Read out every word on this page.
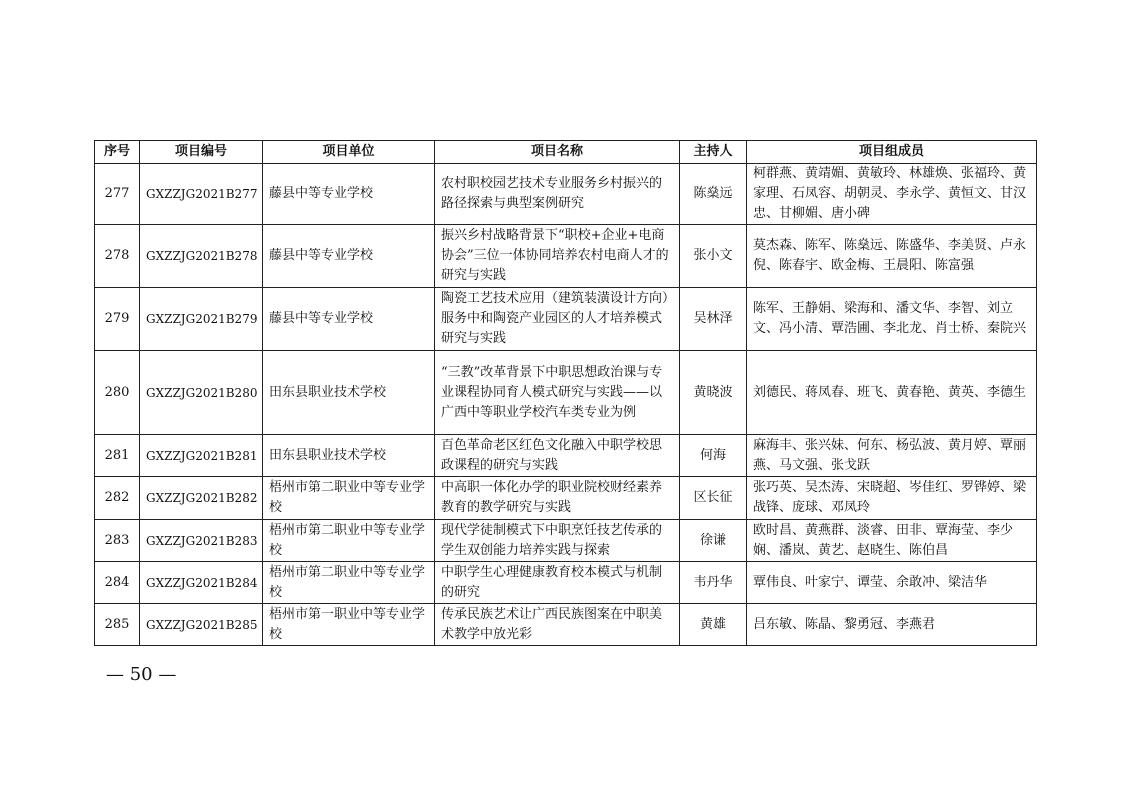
序号	项目编号	项目单位	项目名称	主持人	项目组成员
277	GXZZJG2021B277	藤县中等专业学校	农村职校园艺技术专业服务乡村振兴的路径探索与典型案例研究	陈燊远	柯群燕、黄靖媚、黄敏玲、林雄焕、张福玲、黄家理、石凤容、胡朝灵、李永学、黄恒文、甘汉忠、甘柳媚、唐小碑
278	GXZZJG2021B278	藤县中等专业学校	振兴乡村战略背景下“职校+企业+电商协会”三位一体协同培养农村电商人才的研究与实践	张小文	莫杰森、陈军、陈燊远、陈盛华、李美贤、卢永倪、陈春宇、欧金梅、王晨阳、陈富强
279	GXZZJG2021B279	藤县中等专业学校	陶瓷工艺技术应用（建筑装潢设计方向）服务中和陶瓷产业园区的人才培养模式研究与实践	吴林泽	陈军、王静娟、梁海和、潘文华、李智、刘立文、冯小清、覃浩圃、李北龙、肖士桥、秦院兴
280	GXZZJG2021B280	田东县职业技术学校	“三教”改革背景下中职思想政治课与专业课程协同育人模式研究与实践——以广西中等职业学校汽车类专业为例	黄晓波	刘德民、蒋凤春、班飞、黄春艳、黄英、李德生
281	GXZZJG2021B281	田东县职业技术学校	百色革命老区红色文化融入中职学校思政课程的研究与实践	何海	麻海丰、张兴妹、何东、杨弘波、黄月婷、覃丽燕、马文强、张戈跃
282	GXZZJG2021B282	梧州市第二职业中等专业学校	中高职一体化办学的职业院校财经素养教育的教学研究与实践	区长征	张巧英、吴杰涛、宋晓超、岑佳红、罗铧婷、梁战锋、庞球、邓凤玲
283	GXZZJG2021B283	梧州市第二职业中等专业学校	现代学徒制模式下中职烹饪技艺传承的学生双创能力培养实践与探索	徐谦	欧时昌、黄燕群、淡睿、田非、覃海莹、李少娴、潘岚、黄艺、赵晓生、陈伯昌
284	GXZZJG2021B284	梧州市第二职业中等专业学校	中职学生心理健康教育校本模式与机制的研究	韦丹华	覃伟良、叶家宁、谭莹、余敢冲、梁洁华
285	GXZZJG2021B285	梧州市第一职业中等专业学校	传承民族艺术让广西民族图案在中职美术教学中放光彩	黄雄	吕东敏、陈晶、黎勇冠、李燕君
— 50 —
